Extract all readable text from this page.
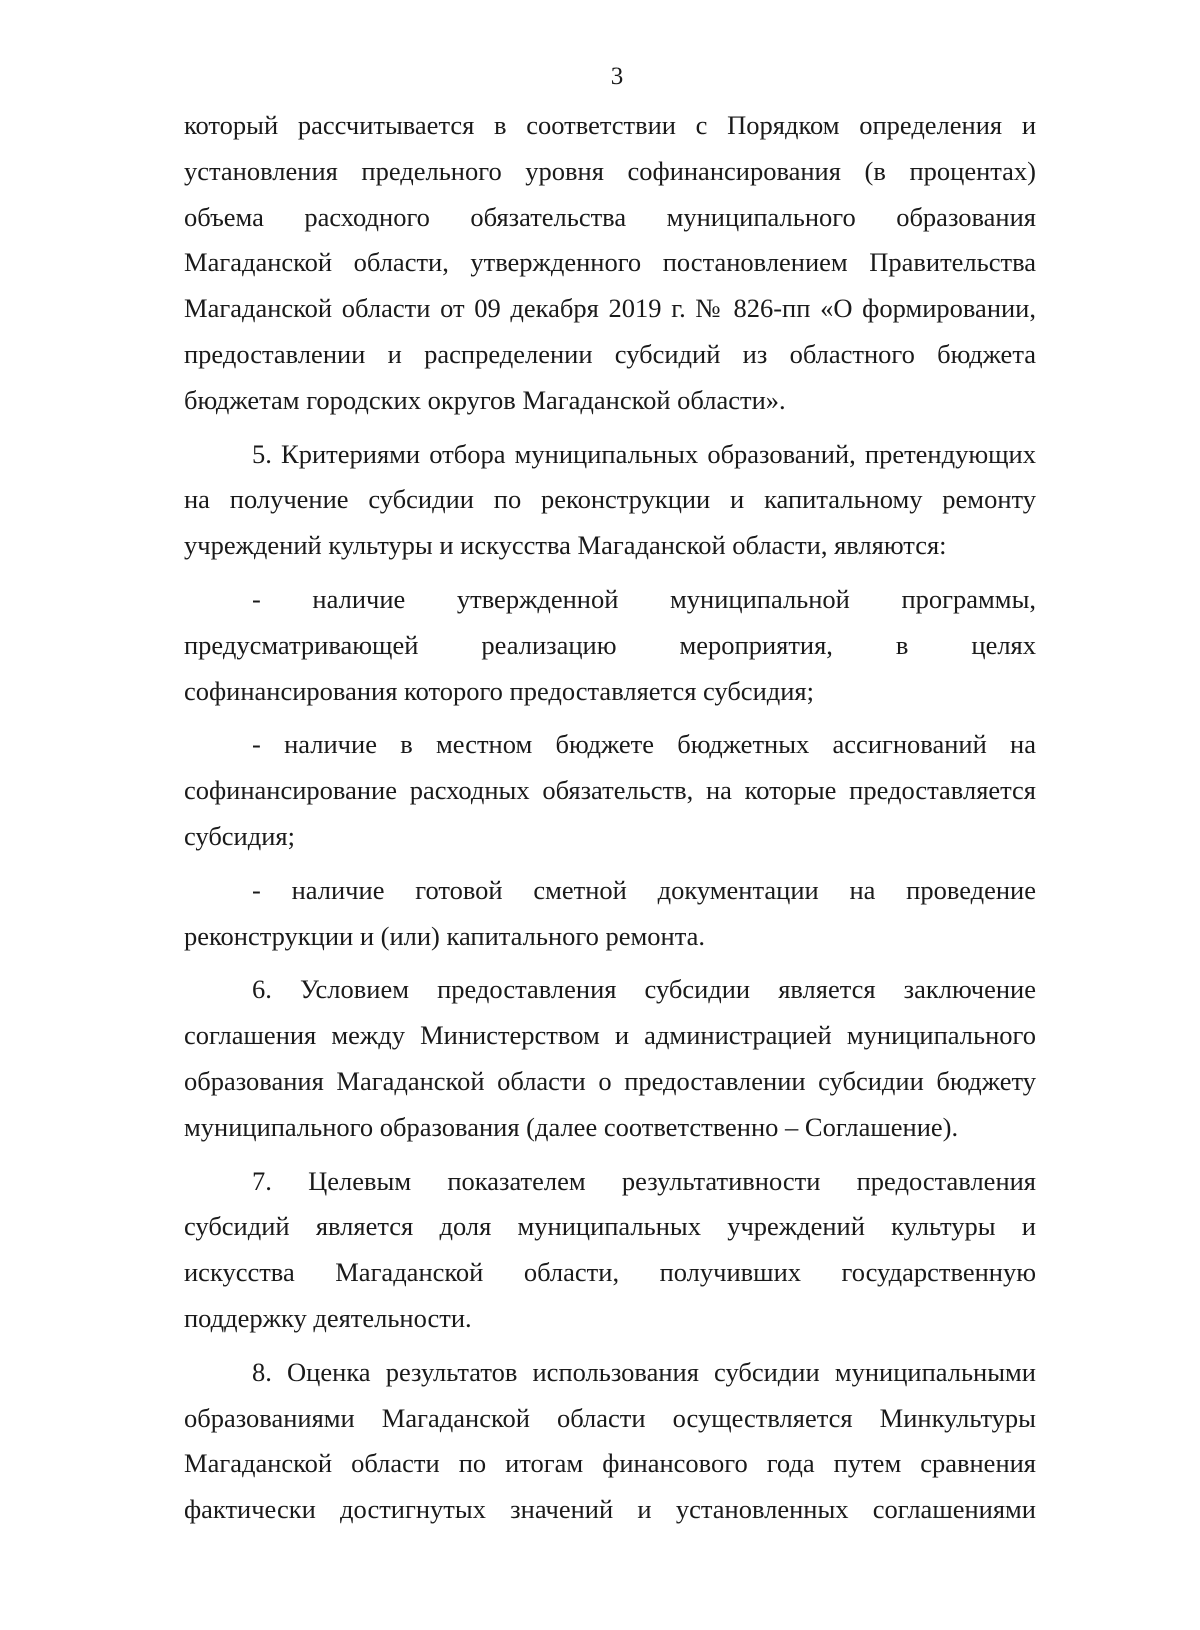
3
который рассчитывается в соответствии с Порядком определения и
установления предельного уровня софинансирования (в процентах)
объема расходного обязательства муниципального образования
Магаданской области, утвержденного постановлением Правительства
Магаданской области от 09 декабря 2019 г. № 826-пп «О формировании,
предоставлении и распределении субсидий из областного бюджета
бюджетам городских округов Магаданской области».
5. Критериями отбора муниципальных образований, претендующих
на получение субсидии по реконструкции и капитальному ремонту
учреждений культуры и искусства Магаданской области, являются:
- наличие утвержденной муниципальной программы,
предусматривающей реализацию мероприятия, в целях
софинансирования которого предоставляется субсидия;
- наличие в местном бюджете бюджетных ассигнований на
софинансирование расходных обязательств, на которые предоставляется
субсидия;
- наличие готовой сметной документации на проведение
реконструкции и (или) капитального ремонта.
6. Условием предоставления субсидии является заключение
соглашения между Министерством и администрацией муниципального
образования Магаданской области о предоставлении субсидии бюджету
муниципального образования (далее соответственно – Соглашение).
7. Целевым показателем результативности предоставления
субсидий является доля муниципальных учреждений культуры и
искусства Магаданской области, получивших государственную
поддержку деятельности.
8. Оценка результатов использования субсидии муниципальными
образованиями Магаданской области осуществляется Минкультуры
Магаданской области по итогам финансового года путем сравнения
фактически достигнутых значений и установленных соглашениями
